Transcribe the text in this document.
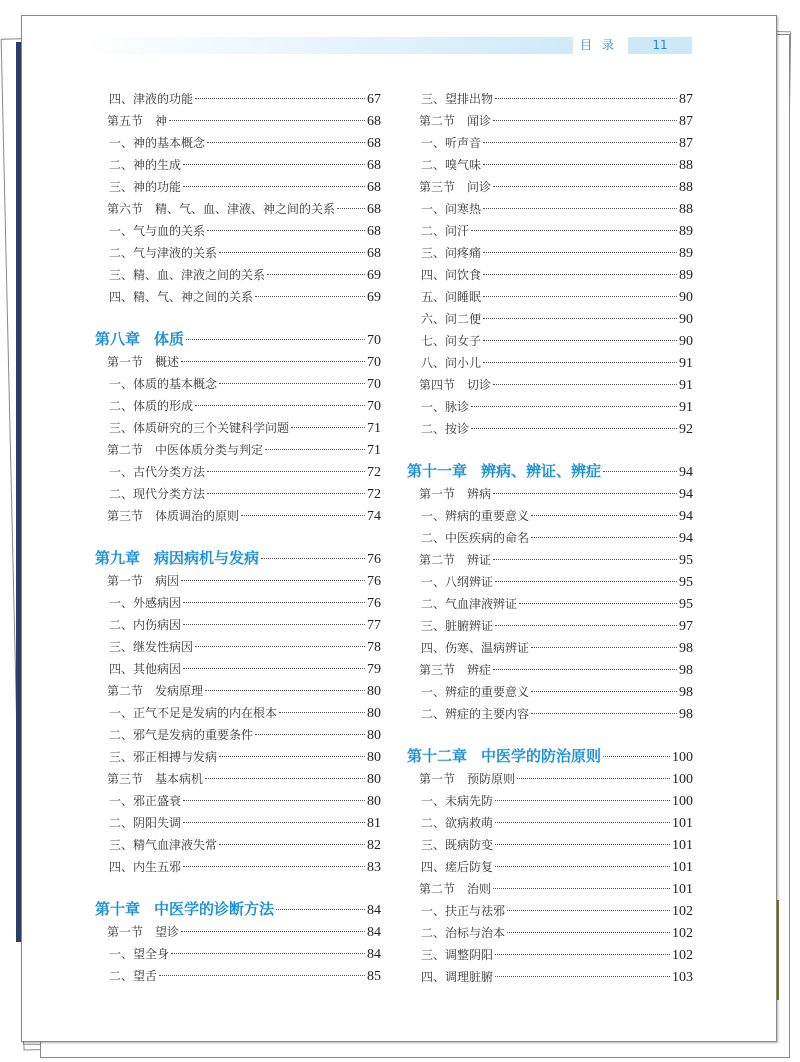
目录	11
四、津液的功能	67
第五节 神	68
一、神的基本概念	68
二、神的生成	68
三、神的功能	68
第六节 精、气、血、津液、神之间的关系 68
一、气与血的关系	68
二、气与津液的关系	68
三、精、血、津液之间的关系	69
四、精、气、神之间的关系	69
第八章 体质	70
第一节 概述	70
一、体质的基本概念	70
二、体质的形成	70
三、体质研究的三个关键科学问题	71
第二节 中医体质分类与判定	71
一、古代分类方法	72
二、现代分类方法	72
第三节 体质调治的原则	74
第九章 病因病机与发病	76
第一节 病因	76
一、外感病因	76
二、内伤病因	77
三、继发性病因	78
四、其他病因	79
第二节 发病原理	80
一、正气不足是发病的内在根本	80
二、邪气是发病的重要条件	80
三、邪正相搏与发病	80
第三节 基本病机	80
一、邪正盛衰	80
二、阴阳失调	81
三、精气血津液失常	82
四、内生五邪	83
第十章 中医学的诊断方法	84
第一节 望诊	84
一、望全身	84
二、望舌	85
三、望排出物	87
第二节 闻诊	87
一、听声音	87
二、嗅气味	88
第三节 问诊	88
一、问寒热	88
二、问汗	89
三、问疼痛	89
四、问饮食	89
五、问睡眠	90
六、问二便	90
七、问女子	90
八、问小儿	91
第四节 切诊	91
一、脉诊	91
二、按诊	92
第十一章 辨病、辨证、辨症	94
第一节 辨病	94
一、辨病的重要意义	94
二、中医疾病的命名	94
第二节 辨证	95
一、八纲辨证	95
二、气血津液辨证	95
三、脏腑辨证	97
四、伤寒、温病辨证	98
第三节 辨症	98
一、辨症的重要意义	98
二、辨症的主要内容	98
第十二章 中医学的防治原则	100
第一节 预防原则	100
一、未病先防	100
二、欲病救萌	101
三、既病防变	101
四、瘥后防复	101
第二节 治则	101
一、扶正与祛邪	102
二、治标与治本	102
三、调整阴阳	102
四、调理脏腑	103
